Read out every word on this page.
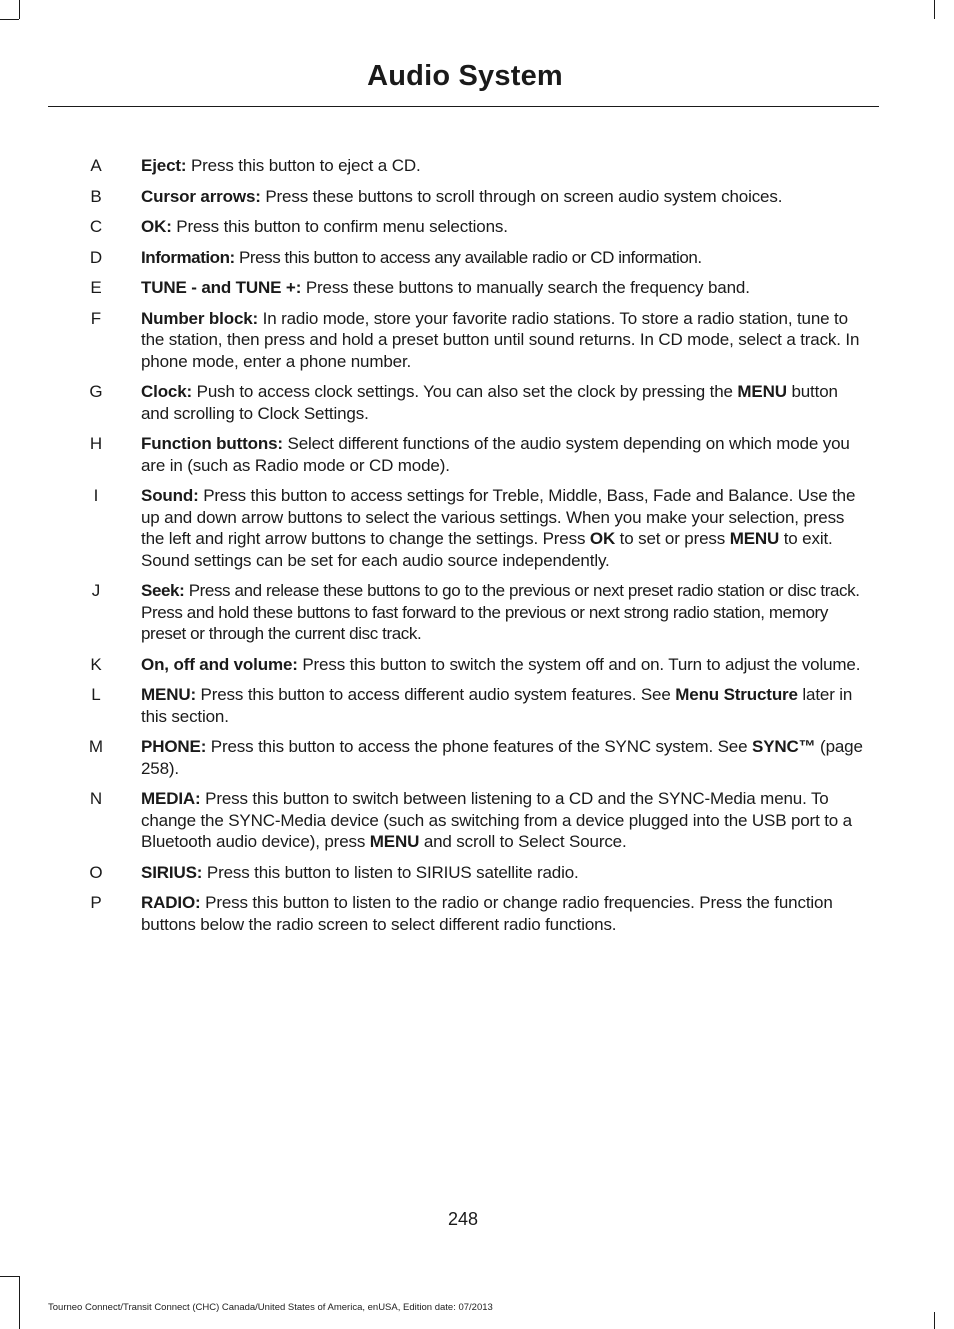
Audio System
A Eject: Press this button to eject a CD.
B Cursor arrows: Press these buttons to scroll through on screen audio system choices.
C OK: Press this button to confirm menu selections.
D Information: Press this button to access any available radio or CD information.
E TUNE - and TUNE +: Press these buttons to manually search the frequency band.
F Number block: In radio mode, store your favorite radio stations. To store a radio station, tune to the station, then press and hold a preset button until sound returns. In CD mode, select a track. In phone mode, enter a phone number.
G Clock: Push to access clock settings. You can also set the clock by pressing the MENU button and scrolling to Clock Settings.
H Function buttons: Select different functions of the audio system depending on which mode you are in (such as Radio mode or CD mode).
I	Sound: Press this button to access settings for Treble, Middle, Bass, Fade and Balance. Use the up and down arrow buttons to select the various settings. When you make your selection, press the left and right arrow buttons to change the settings. Press OK to set or press MENU to exit. Sound settings can be set for each audio source independently.
J	Seek: Press and release these buttons to go to the previous or next preset radio station or disc track. Press and hold these buttons to fast forward to the previous or next strong radio station, memory preset or through the current disc track.
K On, off and volume: Press this button to switch the system off and on. Turn to adjust the volume.
L	MENU: Press this button to access different audio system features. See Menu Structure later in this section.
M PHONE: Press this button to access the phone features of the SYNC system. See SYNC™ (page 258).
N MEDIA: Press this button to switch between listening to a CD and the SYNC-Media menu. To change the SYNC-Media device (such as switching from a device plugged into the USB port to a Bluetooth audio device), press MENU and scroll to Select Source.
O SIRIUS: Press this button to listen to SIRIUS satellite radio.
P RADIO: Press this button to listen to the radio or change radio frequencies. Press the function buttons below the radio screen to select different radio functions.
248
Tourneo Connect/Transit Connect (CHC) Canada/United States of America, enUSA, Edition date: 07/2013
